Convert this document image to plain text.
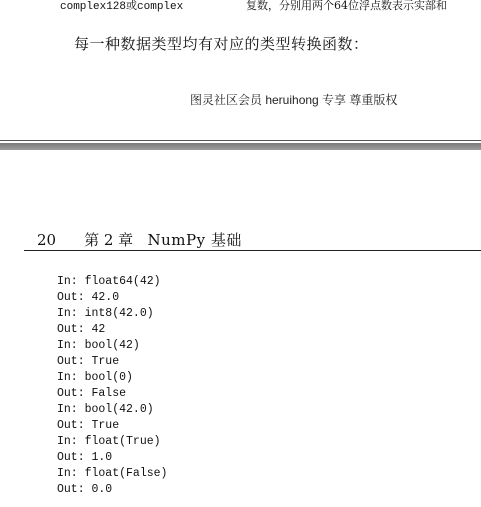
complex128或complex	复数，分别用两个64位浮点数表示实部和
每一种数据类型均有对应的类型转换函数：
图灵社区会员 heruihong 专享 尊重版权
20 第 2 章 NumPy 基础
In: float64(42)
Out: 42.0
In: int8(42.0)
Out: 42
In: bool(42)
Out: True
In: bool(0)
Out: False
In: bool(42.0)
Out: True
In: float(True)
Out: 1.0
In: float(False)
Out: 0.0
